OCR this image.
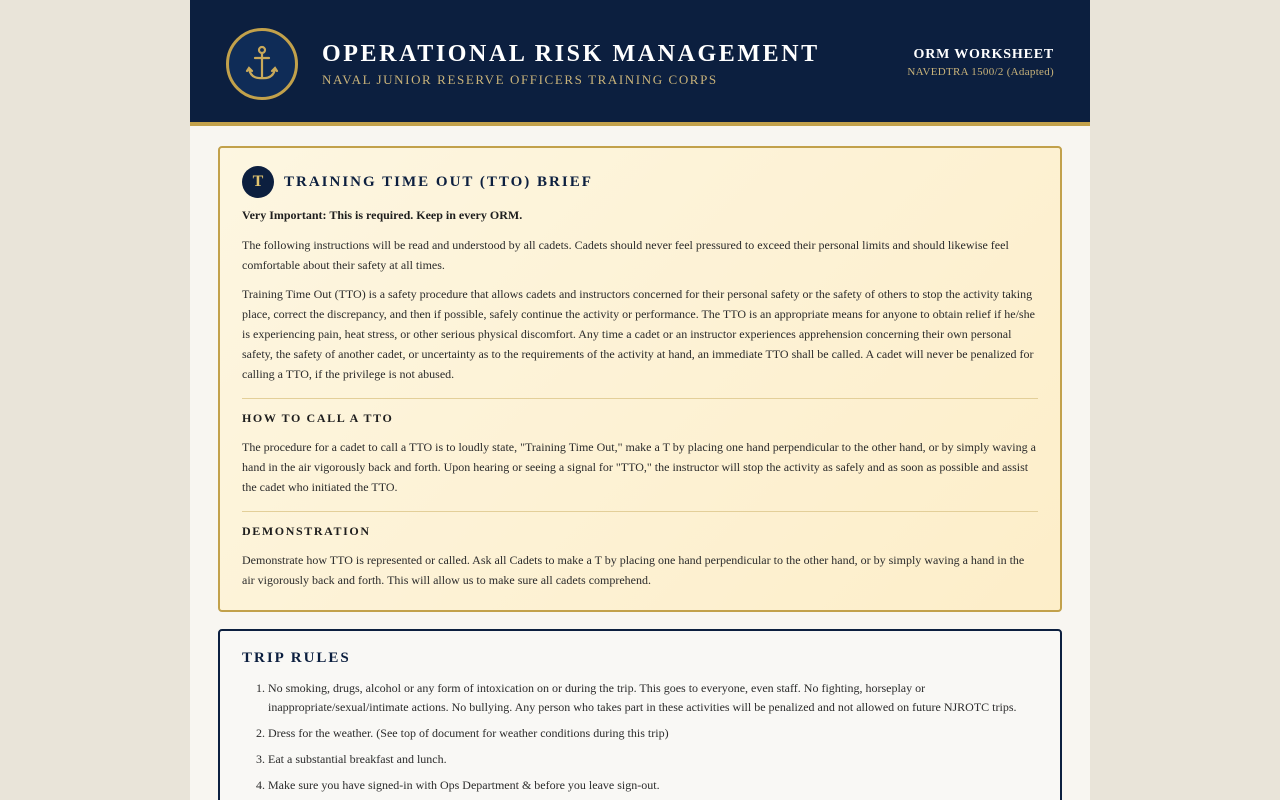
OPERATIONAL RISK MANAGEMENT
NAVAL JUNIOR RESERVE OFFICERS TRAINING CORPS
ORM WORKSHEET
NAVEDTRA 1500/2 (Adapted)
T	TRAINING TIME OUT (TTO) BRIEF
Very Important: This is required. Keep in every ORM.

The following instructions will be read and understood by all cadets. Cadets should never feel pressured to exceed their personal limits and should likewise feel comfortable about their safety at all times.

Training Time Out (TTO) is a safety procedure that allows cadets and instructors concerned for their personal safety or the safety of others to stop the activity taking place, correct the discrepancy, and then if possible, safely continue the activity or performance. The TTO is an appropriate means for anyone to obtain relief if he/she is experiencing pain, heat stress, or other serious physical discomfort. Any time a cadet or an instructor experiences apprehension concerning their own personal safety, the safety of another cadet, or uncertainty as to the requirements of the activity at hand, an immediate TTO shall be called. A cadet will never be penalized for calling a TTO, if the privilege is not abused.

HOW TO CALL A TTO

The procedure for a cadet to call a TTO is to loudly state, "Training Time Out," make a T by placing one hand perpendicular to the other hand, or by simply waving a hand in the air vigorously back and forth. Upon hearing or seeing a signal for "TTO," the instructor will stop the activity as safely and as soon as possible and assist the cadet who initiated the TTO.

DEMONSTRATION

Demonstrate how TTO is represented or called. Ask all Cadets to make a T by placing one hand perpendicular to the other hand, or by simply waving a hand in the air vigorously back and forth. This will allow us to make sure all cadets comprehend.

TRIP RULES
1. No smoking, drugs, alcohol or any form of intoxication on or during the trip. This goes to everyone, even staff. No fighting, horseplay or inappropriate/sexual/intimate actions. No bullying. Any person who takes part in these activities will be penalized and not allowed on future NJROTC trips.
2. Dress for the weather. (See top of document for weather conditions during this trip)
3. Eat a substantial breakfast and lunch.
4. Make sure you have signed-in with Ops Department & before you leave sign-out.
